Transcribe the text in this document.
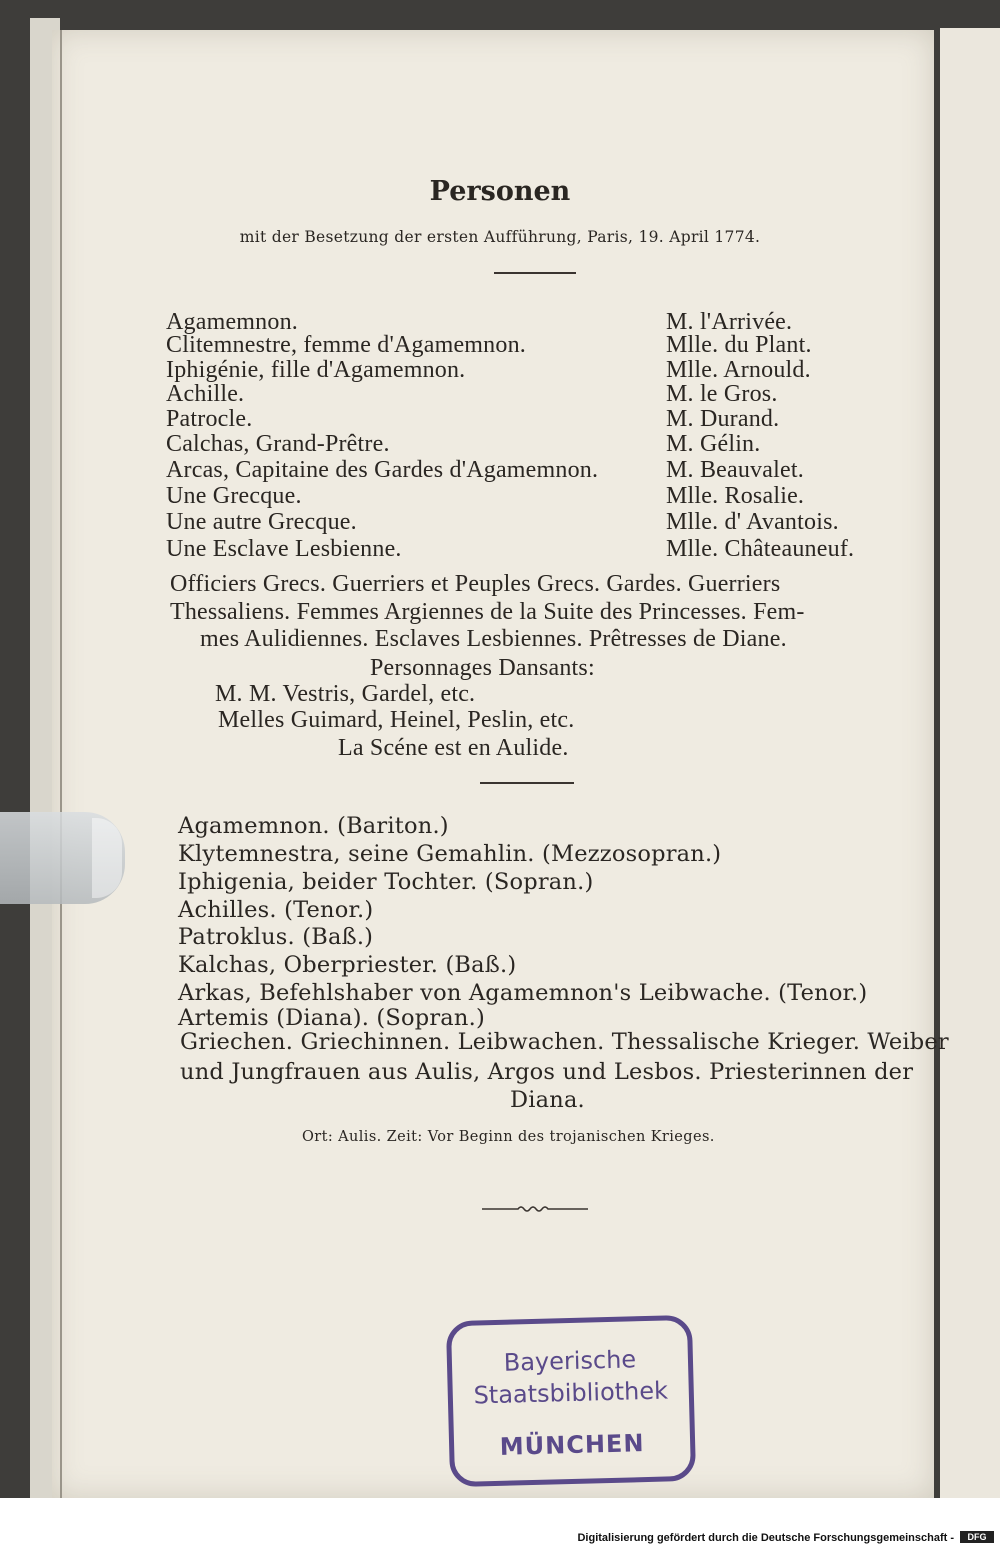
Personen
mit der Besetzung der ersten Aufführung, Paris, 19. April 1774.
Agamemnon.	M. l'Arrivée.
Clitemnestre, femme d'Agamemnon.	Mlle. du Plant.
Iphigénie, fille d'Agamemnon.	Mlle. Arnould.
Achille.	M. le Gros.
Patrocle.	M. Durand.
Calchas, Grand-Prêtre.	M. Gélin.
Arcas, Capitaine des Gardes d'Agamemnon.	M. Beauvalet.
Une Grecque.	Mlle. Rosalie.
Une autre Grecque.	Mlle. d' Avantois.
Une Esclave Lesbienne.	Mlle. Châteauneuf.
Officiers Grecs. Guerriers et Peuples Grecs. Gardes. Guerriers
Thessaliens. Femmes Argiennes de la Suite des Princesses. Fem-
mes Aulidiennes. Esclaves Lesbiennes. Prêtresses de Diane.
Personnages Dansants:
M. M. Vestris, Gardel, etc.
Melles Guimard, Heinel, Peslin, etc.
La Scéne est en Aulide.
Agamemnon. (Bariton.)
Klytemnestra, seine Gemahlin. (Mezzosopran.)
Iphigenia, beider Tochter. (Sopran.)
Achilles. (Tenor.)
Patroklus. (Baß.)
Kalchas, Oberpriester. (Baß.)
Arkas, Befehlshaber von Agamemnon's Leibwache. (Tenor.)
Artemis (Diana). (Sopran.)
Griechen. Griechinnen. Leibwachen. Thessalische Krieger. Weiber
und Jungfrauen aus Aulis, Argos und Lesbos. Priesterinnen der
Diana.
Ort: Aulis. Zeit: Vor Beginn des trojanischen Krieges.
Bayerische
Staatsbibliothek
MÜNCHEN
Digitalisierung gefördert durch die Deutsche Forschungsgemeinschaft -	DFG
